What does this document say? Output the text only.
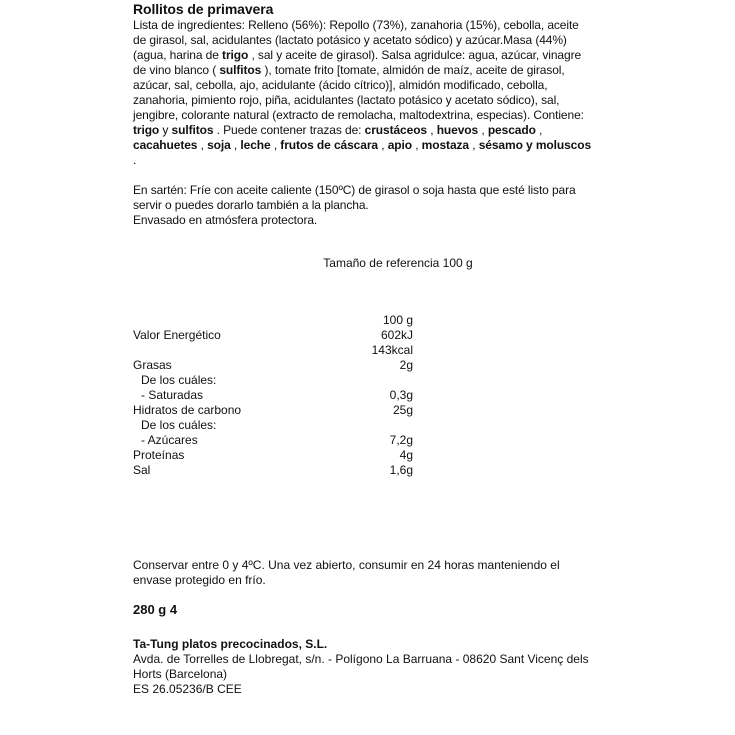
Rollitos de primavera

Lista de ingredientes: Relleno (56%): Repollo (73%), zanahoria (15%), cebolla, aceite de girasol, sal, acidulantes (lactato potásico y acetato sódico) y azúcar.Masa (44%) (agua, harina de trigo , sal y aceite de girasol). Salsa agridulce: agua, azúcar, vinagre de vino blanco ( sulfitos ), tomate frito [tomate, almidón de maíz, aceite de girasol, azúcar, sal, cebolla, ajo, acidulante (ácido cítrico)], almidón modificado, cebolla, zanahoria, pimiento rojo, piña, acidulantes (lactato potásico y acetato sódico), sal, jengibre, colorante natural (extracto de remolacha, maltodextrina, especias). Contiene: trigo y sulfitos . Puede contener trazas de: crustáceos , huevos , pescado , cacahuetes , soja , leche , frutos de cáscara , apio , mostaza , sésamo y moluscos .

En sartén: Fríe con aceite caliente (150ºC) de girasol o soja hasta que esté listo para servir o puedes dorarlo también a la plancha.

Envasado en atmósfera protectora.

Tamaño de referencia 100 g
100 g
Valor Energético	602kJ
143kcal
Grasas	2g
De los cuáles:
- Saturadas	0,3g
Hidratos de carbono	25g
De los cuáles:
- Azúcares	7,2g
Proteínas	4g
Sal	1,6g
Conservar entre 0 y 4ºC. Una vez abierto, consumir en 24 horas manteniendo el envase protegido en frío.
280 g 4
Ta-Tung platos precocinados, S.L.
Avda. de Torrelles de Llobregat, s/n. - Polígono La Barruana - 08620 Sant Vicenç dels Horts (Barcelona)
ES 26.05236/B CEE
